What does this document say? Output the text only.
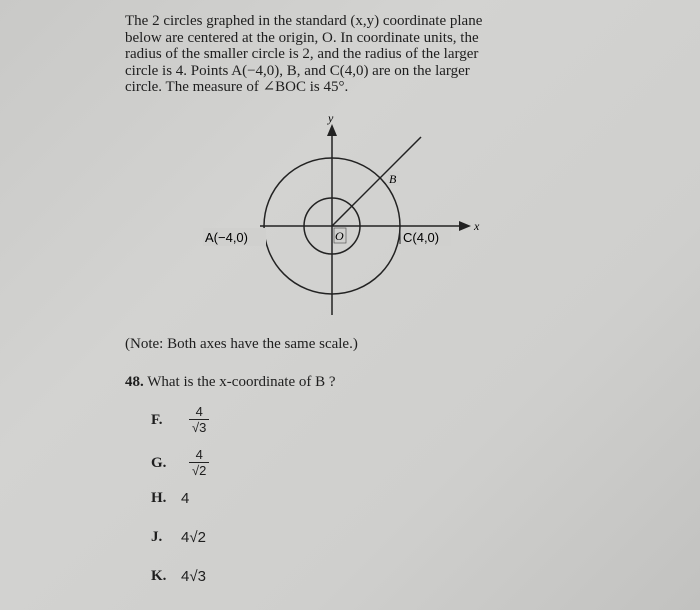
The 2 circles graphed in the standard (x,y) coordinate plane
below are centered at the origin, O. In coordinate units, the
radius of the smaller circle is 2, and the radius of the larger
circle is 4. Points A(−4,0), B, and C(4,0) are on the larger
circle. The measure of ∠BOC is 45°.
y
x
A(−4,0)	O
B
C(4,0)
(Note: Both axes have the same scale.)
48. What is the x-coordinate of B ?
F.	$\frac{4}{√3}$
G.	$\frac{4}{√2}$
H. 4
J.	4 √2
K. 4 √3
